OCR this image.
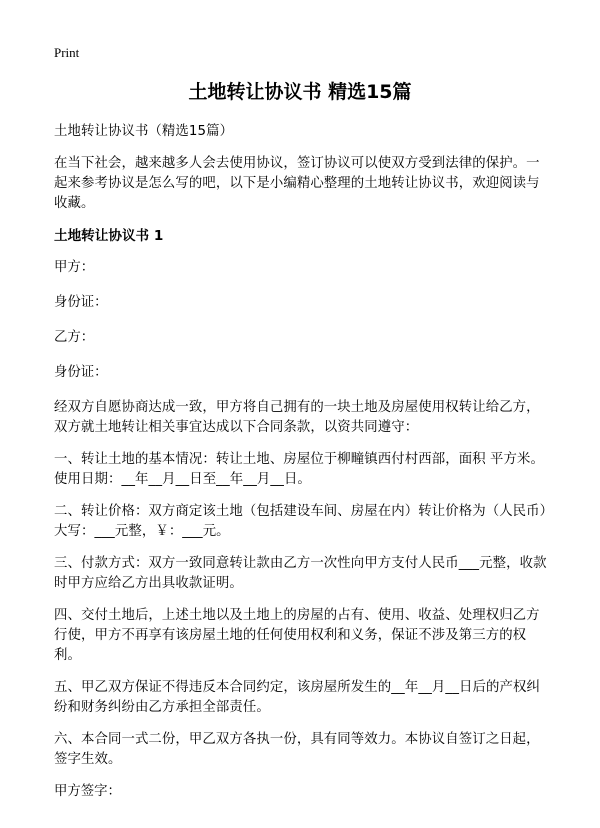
Print
土地转让协议书 精选15篇

土地转让协议书（精选15篇）

在当下社会，越来越多人会去使用协议，签订协议可以使双方受到法律的保护。一起来参考协议是怎么写的吧，以下是小编精心整理的土地转让协议书，欢迎阅读与收藏。

土地转让协议书 1

甲方：

身份证：

乙方：

身份证：

经双方自愿协商达成一致，甲方将自己拥有的一块土地及房屋使用权转让给乙方，双方就土地转让相关事宜达成以下合同条款，以资共同遵守：

一、转让土地的基本情况：转让土地、房屋位于柳疃镇西付村西部，面积 平方米。使用日期：__年__月__日至__年__月__日。

二、转让价格：双方商定该土地（包括建设车间、房屋在内）转让价格为（人民币）大写：___元整，￥：___元。

三、付款方式：双方一致同意转让款由乙方一次性向甲方支付人民币___元整，收款时甲方应给乙方出具收款证明。

四、交付土地后，上述土地以及土地上的房屋的占有、使用、收益、处理权归乙方行使，甲方不再享有该房屋土地的任何使用权利和义务，保证不涉及第三方的权利。

五、甲乙双方保证不得违反本合同约定，该房屋所发生的__年__月__日后的产权纠纷和财务纠纷由乙方承担全部责任。

六、本合同一式二份，甲乙双方各执一份，具有同等效力。本协议自签订之日起，签字生效。

甲方签字：
